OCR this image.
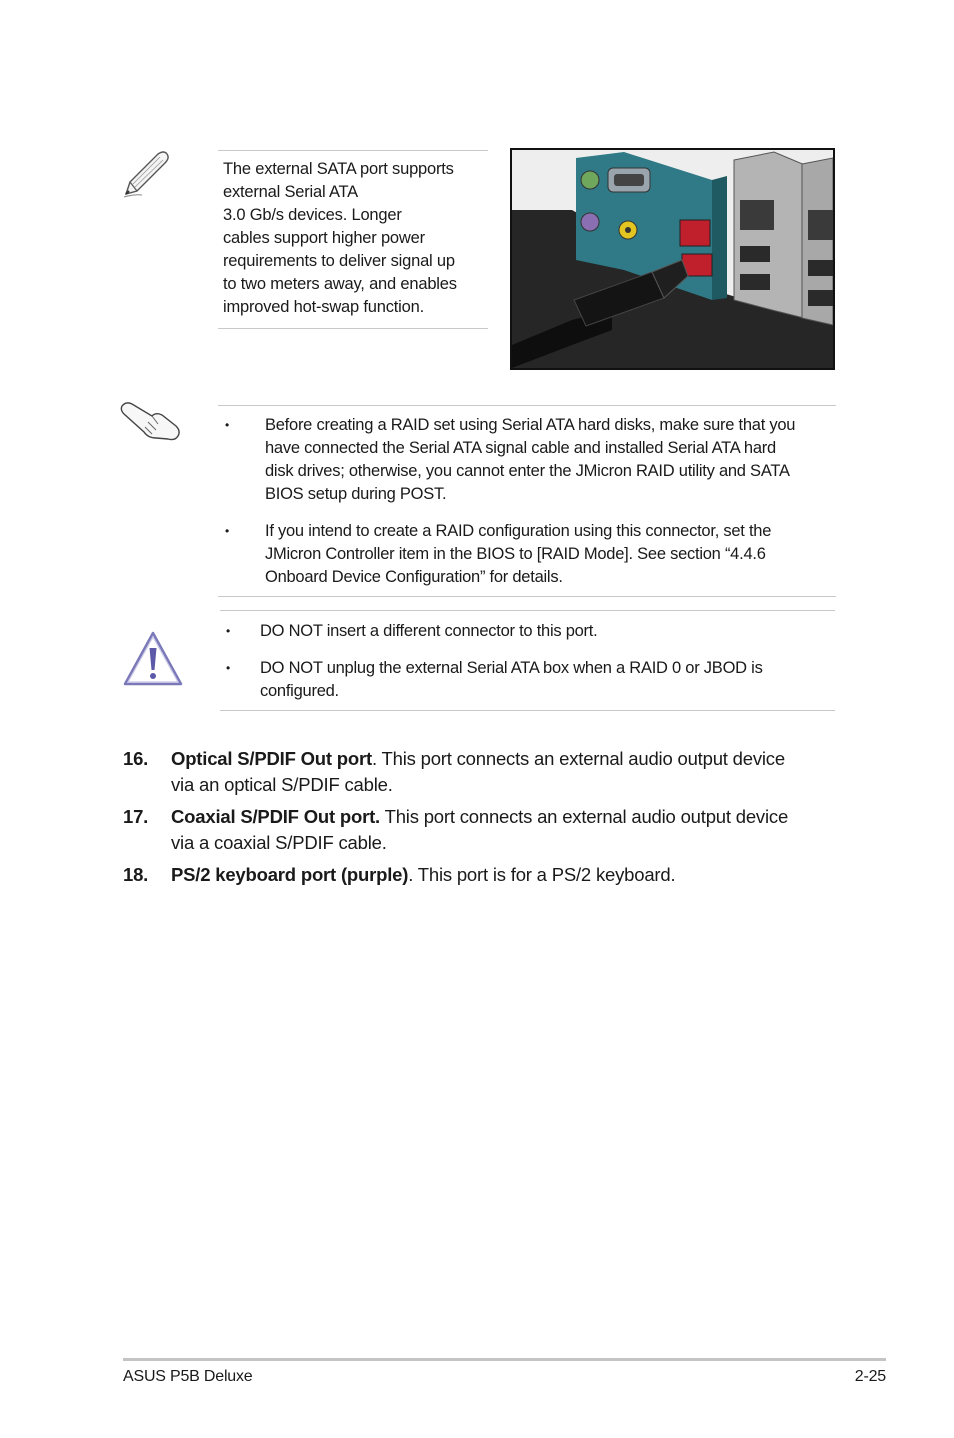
The external SATA port supports
external Serial ATA
3.0 Gb/s devices. Longer
cables support higher power
requirements to deliver signal up
to two meters away, and enables
improved hot-swap function.
• Before creating a RAID set using Serial ATA hard disks, make sure that you
have connected the Serial ATA signal cable and installed Serial ATA hard
disk drives; otherwise, you cannot enter the JMicron RAID utility and SATA
BIOS setup during POST.
• If you intend to create a RAID configuration using this connector, set the
JMicron Controller item in the BIOS to [RAID Mode]. See section “4.4.6
Onboard Device Configuration” for details.
• DO NOT insert a different connector to this port.
• DO NOT unplug the external Serial ATA box when a RAID 0 or JBOD is
configured.
16. Optical S/PDIF Out port. This port connects an external audio output device
via an optical S/PDIF cable.
17. Coaxial S/PDIF Out port. This port connects an external audio output device
via a coaxial S/PDIF cable.
18. PS/2 keyboard port (purple). This port is for a PS/2 keyboard.
ASUS P5B Deluxe	2-25
